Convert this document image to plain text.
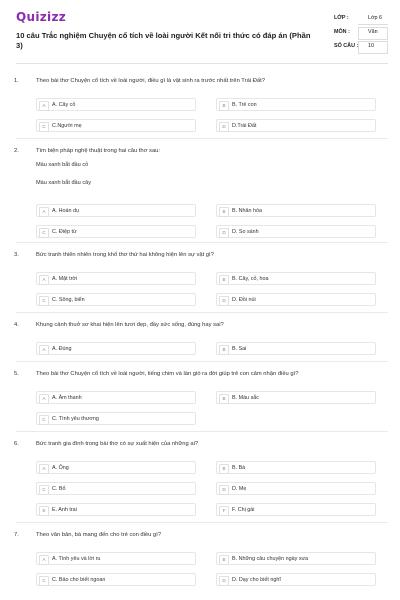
Quizizz
10 câu Trắc nghiệm Chuyện cổ tích về loài người Kết nối tri thức có đáp án (Phần 3)
LỚP :	Lớp 6
MÔN :	Văn
SỐ CÂU : 10
1.	Theo bài thơ Chuyện cổ tích về loài người, điều gì là vật sinh ra trước nhất trên Trái Đất?
A	A. Cây cỏ	B	B. Trẻ con
C	C.Người mẹ	D	D.Trái Đất
2.	Tìm biện pháp nghệ thuật trong hai câu thơ sau:
Màu xanh bắt đầu cỏ
Màu xanh bắt đầu cây
A	A. Hoán dụ	B	B. Nhân hóa
C	C. Điệp từ	D	D. So sánh
3.	Bức tranh thiên nhiên trong khổ thơ thứ hai không hiện lên sự vật gì?
A	A. Mặt trời	B	B. Cây, cỏ, hoa
C	C. Sông, biển	D	D. Đồi núi
4.	Khung cảnh thuở sơ khai hiện lên tươi đẹp, đầy sức sống, đúng hay sai?
A	A. Đúng	B	B. Sai
5.	Theo bài thơ Chuyện cổ tích về loài người, tiếng chim và làn gió ra đời giúp trẻ con cảm nhận điều gì?
A	A. Âm thanh	B	B. Màu sắc
C	C. Tình yêu thương
6.	Bức tranh gia đình trong bài thơ có sự xuất hiện của những ai?
A	A. Ông	B	B. Bà
C	C. Bố	D	D. Mẹ
E	E. Anh trai	F	F. Chị gái
7.	Theo văn bản, bà mang đến cho trẻ con điều gì?
A	A. Tình yêu và lời ru	B	B. Những câu chuyện ngày xưa
C	C. Bảo cho biết ngoan	D	D. Dạy cho biết nghĩ
